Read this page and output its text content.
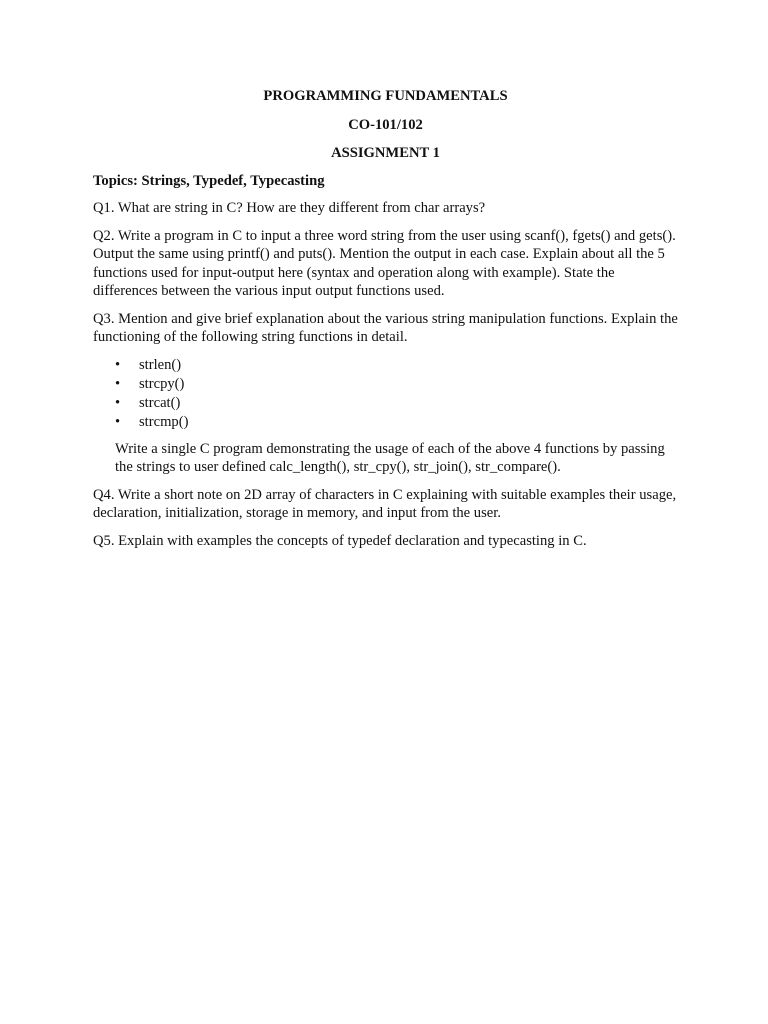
PROGRAMMING FUNDAMENTALS

CO-101/102

ASSIGNMENT 1

Topics: Strings, Typedef, Typecasting

Q1. What are string in C? How are they different from char arrays?

Q2. Write a program in C to input a three word string from the user using scanf(), fgets() and gets(). Output the same using printf() and puts(). Mention the output in each case. Explain about all the 5 functions used for input-output here (syntax and operation along with example). State the differences between the various input output functions used.

Q3. Mention and give brief explanation about the various string manipulation functions. Explain the functioning of the following string functions in detail.

• strlen()
• strcpy()
• strcat()
• strcmp()

Write a single C program demonstrating the usage of each of the above 4 functions by passing the strings to user defined calc_length(), str_cpy(), str_join(), str_compare().

Q4. Write a short note on 2D array of characters in C explaining with suitable examples their usage, declaration, initialization, storage in memory, and input from the user.

Q5. Explain with examples the concepts of typedef declaration and typecasting in C.
